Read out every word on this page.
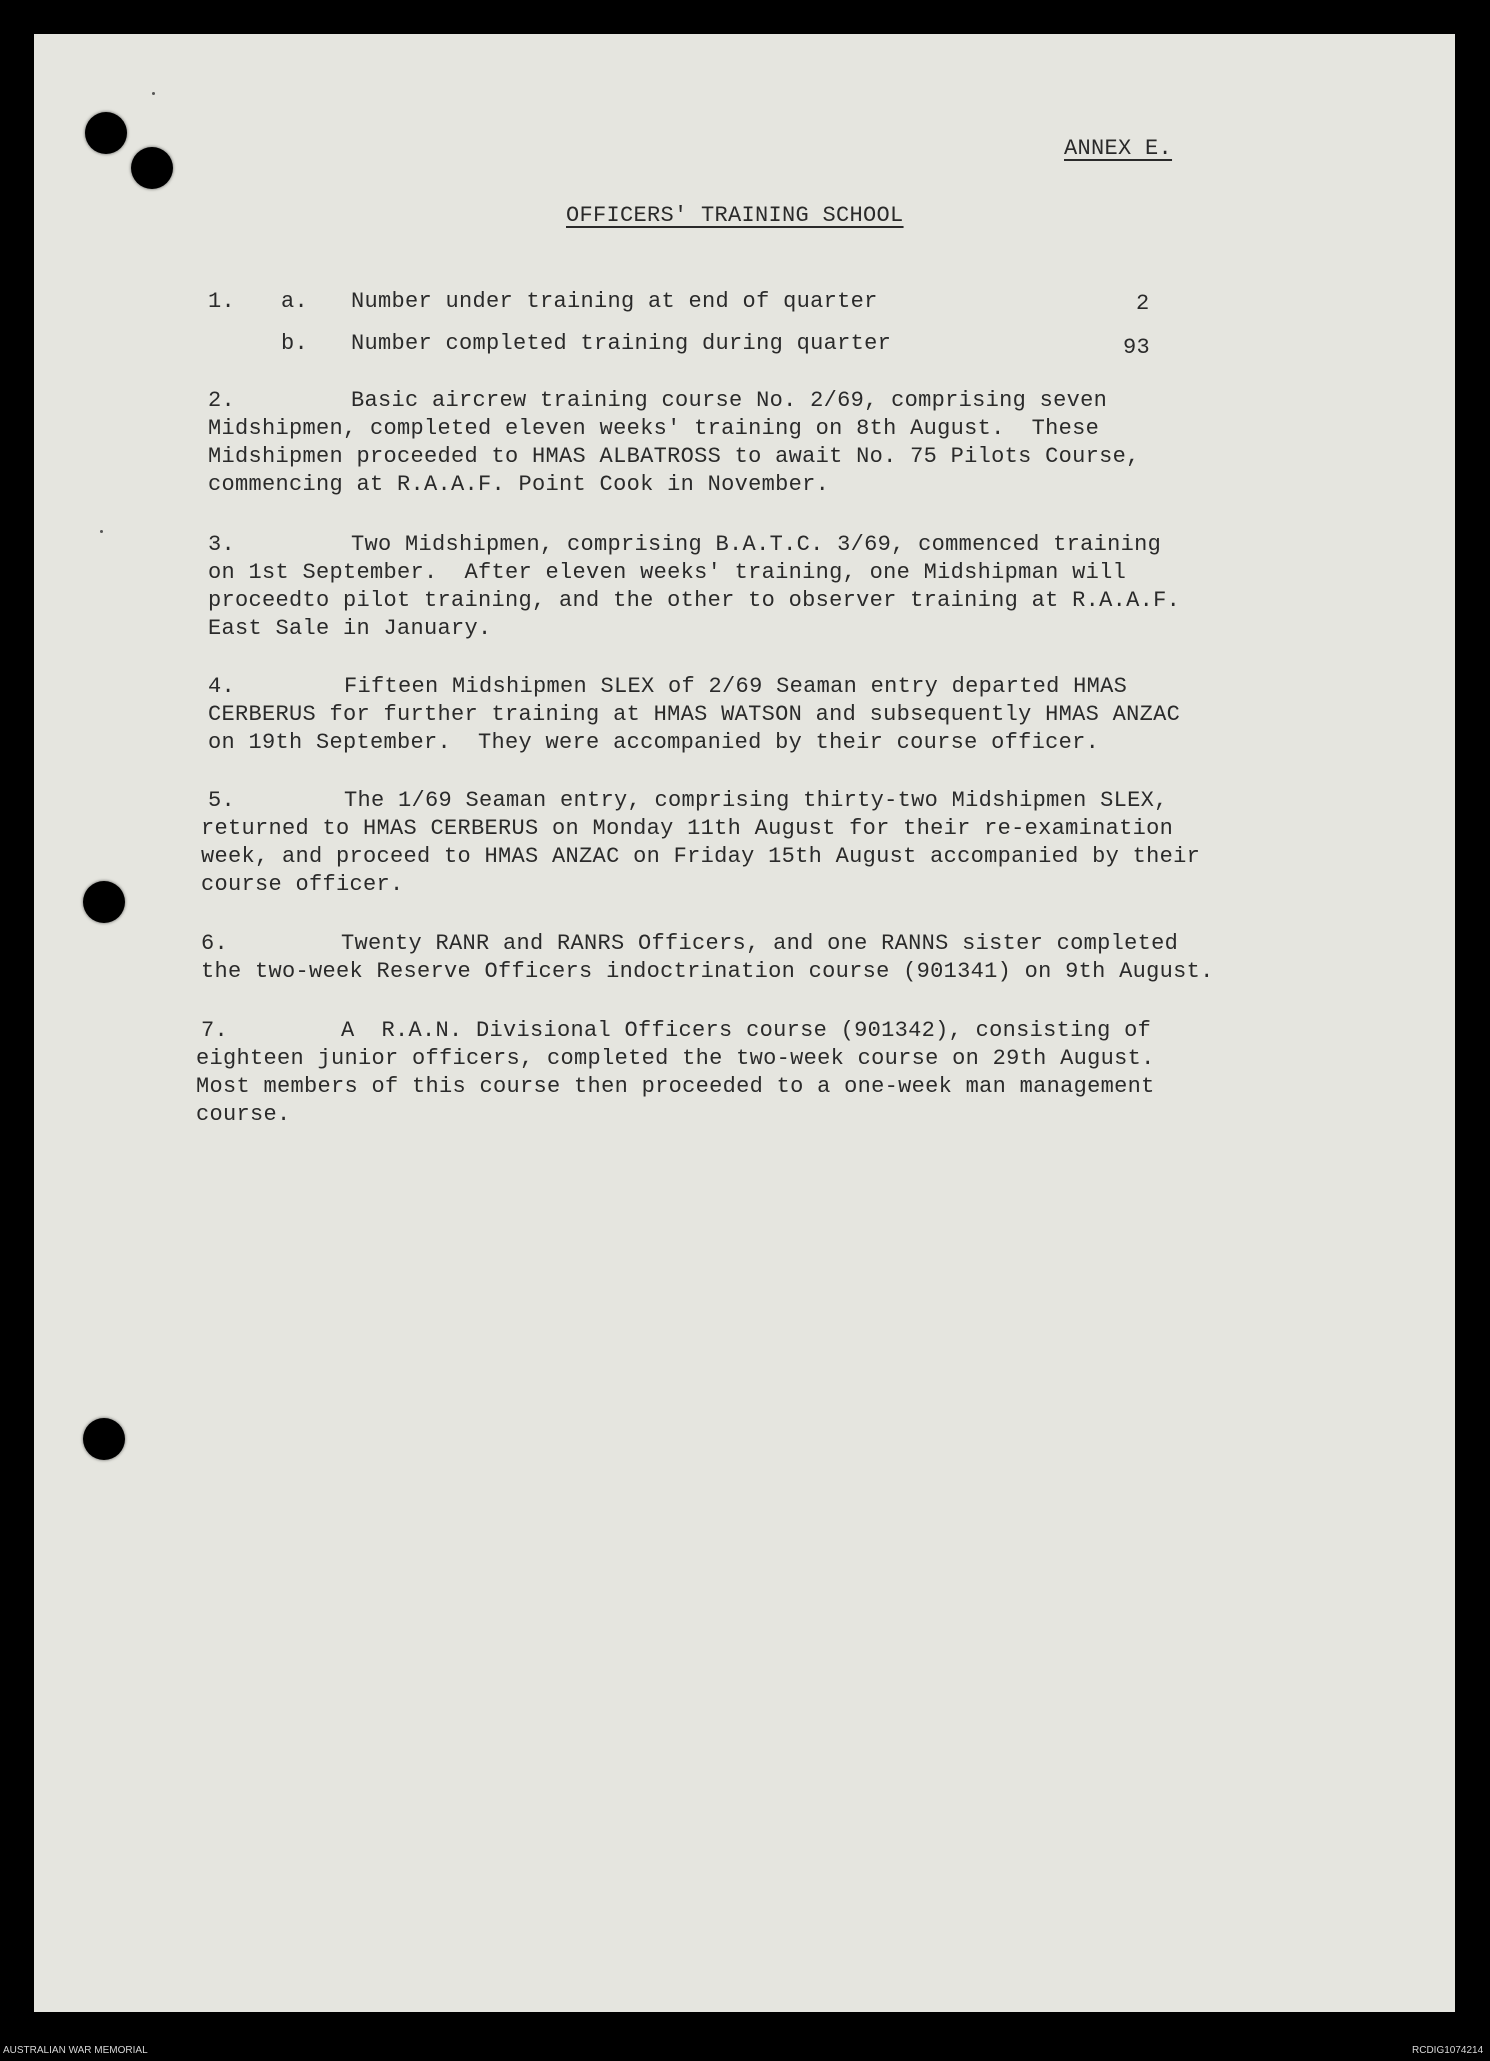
ANNEX E.
OFFICERS' TRAINING SCHOOL
1. a. Number under training at end of quarter	2
b. Number completed training during quarter	93
2.	Basic aircrew training course No. 2/69, comprising seven
Midshipmen, completed eleven weeks' training on 8th August.  These
Midshipmen proceeded to HMAS ALBATROSS to await No. 75 Pilots Course,
commencing at R.A.A.F. Point Cook in November.
3.	Two Midshipmen, comprising B.A.T.C. 3/69, commenced training
on 1st September.  After eleven weeks' training, one Midshipman will
proceedto pilot training, and the other to observer training at R.A.A.F.
East Sale in January.
4.	Fifteen Midshipmen SLEX of 2/69 Seaman entry departed HMAS
CERBERUS for further training at HMAS WATSON and subsequently HMAS ANZAC
on 19th September.  They were accompanied by their course officer.
5.	The 1/69 Seaman entry, comprising thirty-two Midshipmen SLEX,
returned to HMAS CERBERUS on Monday 11th August for their re-examination
week, and proceed to HMAS ANZAC on Friday 15th August accompanied by their
course officer.
6.	Twenty RANR and RANRS Officers, and one RANNS sister completed
the two-week Reserve Officers indoctrination course (901341) on 9th August.
7.	A  R.A.N. Divisional Officers course (901342), consisting of
eighteen junior officers, completed the two-week course on 29th August.
Most members of this course then proceeded to a one-week man management
course.
AUSTRALIAN WAR MEMORIAL	RCDIG1074214
